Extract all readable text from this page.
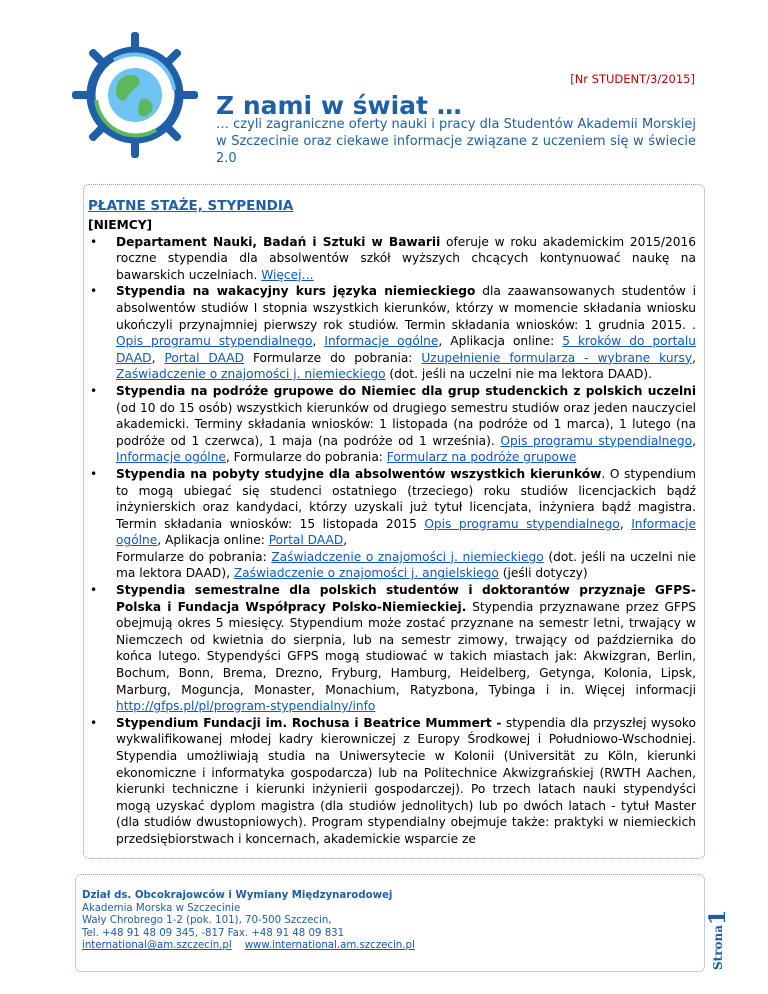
[Nr STUDENT/3/2015]
Z nami w świat …
… czyli zagraniczne oferty nauki i pracy dla Studentów Akademii Morskiej w Szczecinie oraz ciekawe informacje związane z uczeniem się w świecie 2.0
PŁATNE STAŻE, STYPENDIA
[NIEMCY]
• Departament Nauki, Badań i Sztuki w Bawarii oferuje w roku akademickim 2015/2016 roczne stypendia dla absolwentów szkół wyższych chcących kontynuować naukę na bawarskich uczelniach. Więcej…
• Stypendia na wakacyjny kurs języka niemieckiego dla zaawansowanych studentów i absolwentów studiów I stopnia wszystkich kierunków, którzy w momencie składania wniosku ukończyli przynajmniej pierwszy rok studiów. Termin składania wniosków: 1 grudnia 2015. . Opis programu stypendialnego, Informacje ogólne, Aplikacja online: 5 kroków do portalu DAAD, Portal DAAD Formularze do pobrania: Uzupełnienie formularza - wybrane kursy, Zaświadczenie o znajomości j. niemieckiego (dot. jeśli na uczelni nie ma lektora DAAD).
• Stypendia na podróże grupowe do Niemiec dla grup studenckich z polskich uczelni (od 10 do 15 osób) wszystkich kierunków od drugiego semestru studiów oraz jeden nauczyciel akademicki. Terminy składania wniosków: 1 listopada (na podróże od 1 marca), 1 lutego (na podróże od 1 czerwca), 1 maja (na podróże od 1 września). Opis programu stypendialnego, Informacje ogólne, Formularze do pobrania: Formularz na podróże grupowe
• Stypendia na pobyty studyjne dla absolwentów wszystkich kierunków. O stypendium to mogą ubiegać się studenci ostatniego (trzeciego) roku studiów licencjackich bądź inżynierskich oraz kandydaci, którzy uzyskali już tytuł licencjata, inżyniera bądź magistra. Termin składania wniosków: 15 listopada 2015 Opis programu stypendialnego, Informacje ogólne, Aplikacja online: Portal DAAD,
Formularze do pobrania: Zaświadczenie o znajomości j. niemieckiego (dot. jeśli na uczelni nie ma lektora DAAD), Zaświadczenie o znajomości j. angielskiego (jeśli dotyczy)
• Stypendia semestralne dla polskich studentów i doktorantów przyznaje GFPS-Polska i Fundacja Współpracy Polsko-Niemieckiej. Stypendia przyznawane przez GFPS obejmują okres 5 miesięcy. Stypendium może zostać przyznane na semestr letni, trwający w Niemczech od kwietnia do sierpnia, lub na semestr zimowy, trwający od października do końca lutego. Stypendyści GFPS mogą studiować w takich miastach jak: Akwizgran, Berlin, Bochum, Bonn, Brema, Drezno, Fryburg, Hamburg, Heidelberg, Getynga, Kolonia, Lipsk, Marburg, Moguncja, Monaster, Monachium, Ratyzbona, Tybinga i in. Więcej informacji http://gfps.pl/pl/program-stypendialny/info
• Stypendium Fundacji im. Rochusa i Beatrice Mummert - stypendia dla przyszłej wysoko wykwalifikowanej młodej kadry kierowniczej z Europy Środkowej i Południowo-Wschodniej. Stypendia umożliwiają studia na Uniwersytecie w Kolonii (Universität zu Köln, kierunki ekonomiczne i informatyka gospodarcza) lub na Politechnice Akwizgrańskiej (RWTH Aachen, kierunki techniczne i kierunki inżynierii gospodarczej). Po trzech latach nauki stypendyści mogą uzyskać dyplom magistra (dla studiów jednolitych) lub po dwóch latach - tytuł Master (dla studiów dwustopniowych). Program stypendialny obejmuje także: praktyki w niemieckich przedsiębiorstwach i koncernach, akademickie wsparcie ze
Dział ds. Obcokrajowców i Wymiany Międzynarodowej
Akademia Morska w Szczecinie
Wały Chrobrego 1-2 (pok. 101), 70-500 Szczecin,
Tel. +48 91 48 09 345, -817 Fax. +48 91 48 09 831
international@am.szczecin.pl www.international.am.szczecin.pl	Strona
1
